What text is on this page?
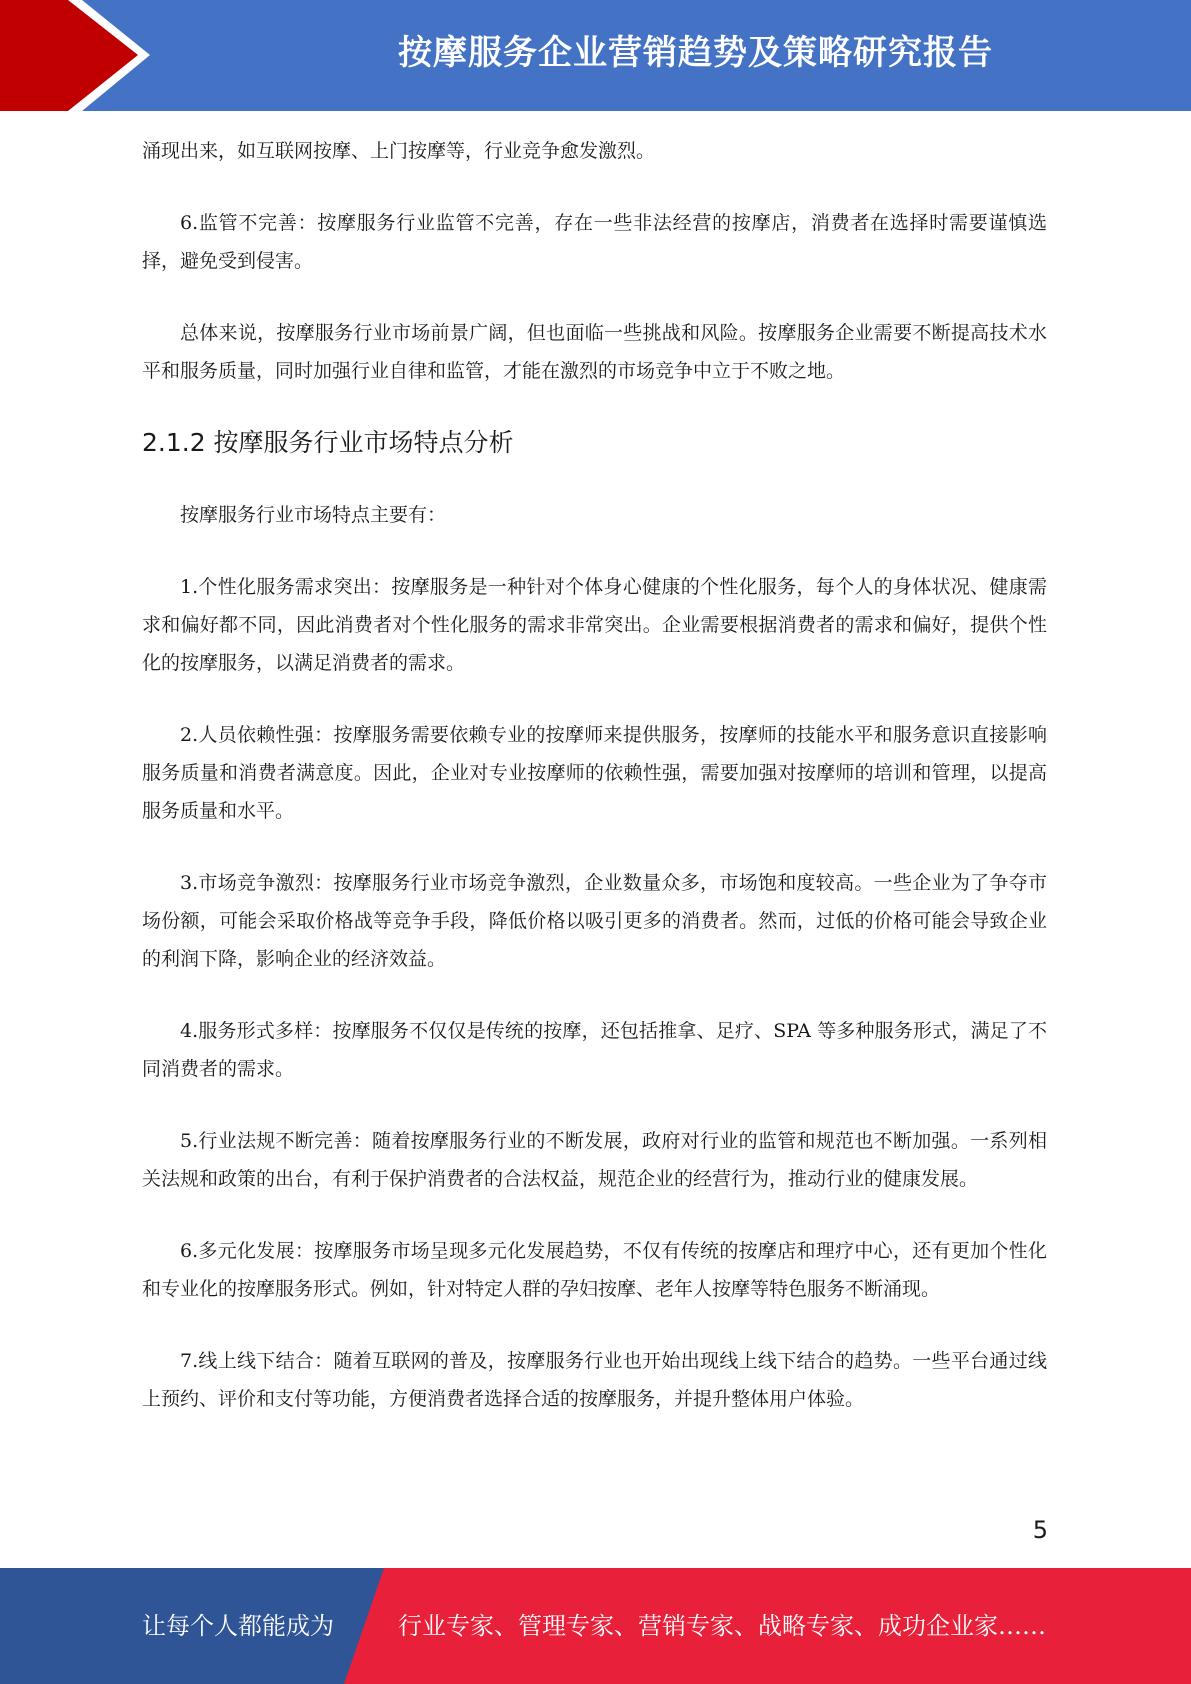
按摩服务企业营销趋势及策略研究报告

涌现出来，如互联网按摩、上门按摩等，行业竞争愈发激烈。

6.监管不完善：按摩服务行业监管不完善，存在一些非法经营的按摩店，消费者在选择时需要谨慎选择，避免受到侵害。

总体来说，按摩服务行业市场前景广阔，但也面临一些挑战和风险。按摩服务企业需要不断提高技术水平和服务质量，同时加强行业自律和监管，才能在激烈的市场竞争中立于不败之地。

2.1.2 按摩服务行业市场特点分析

按摩服务行业市场特点主要有：

1.个性化服务需求突出：按摩服务是一种针对个体身心健康的个性化服务，每个人的身体状况、健康需求和偏好都不同，因此消费者对个性化服务的需求非常突出。企业需要根据消费者的需求和偏好，提供个性化的按摩服务，以满足消费者的需求。

2.人员依赖性强：按摩服务需要依赖专业的按摩师来提供服务，按摩师的技能水平和服务意识直接影响服务质量和消费者满意度。因此，企业对专业按摩师的依赖性强，需要加强对按摩师的培训和管理，以提高服务质量和水平。

3.市场竞争激烈：按摩服务行业市场竞争激烈，企业数量众多，市场饱和度较高。一些企业为了争夺市场份额，可能会采取价格战等竞争手段，降低价格以吸引更多的消费者。然而，过低的价格可能会导致企业的利润下降，影响企业的经济效益。

4.服务形式多样：按摩服务不仅仅是传统的按摩，还包括推拿、足疗、SPA 等多种服务形式，满足了不同消费者的需求。

5.行业法规不断完善：随着按摩服务行业的不断发展，政府对行业的监管和规范也不断加强。一系列相关法规和政策的出台，有利于保护消费者的合法权益，规范企业的经营行为，推动行业的健康发展。

6.多元化发展：按摩服务市场呈现多元化发展趋势，不仅有传统的按摩店和理疗中心，还有更加个性化和专业化的按摩服务形式。例如，针对特定人群的孕妇按摩、老年人按摩等特色服务不断涌现。

7.线上线下结合：随着互联网的普及，按摩服务行业也开始出现线上线下结合的趋势。一些平台通过线上预约、评价和支付等功能，方便消费者选择合适的按摩服务，并提升整体用户体验。

5
让每个人都能成为	行业专家、管理专家、营销专家、战略专家、成功企业家……
